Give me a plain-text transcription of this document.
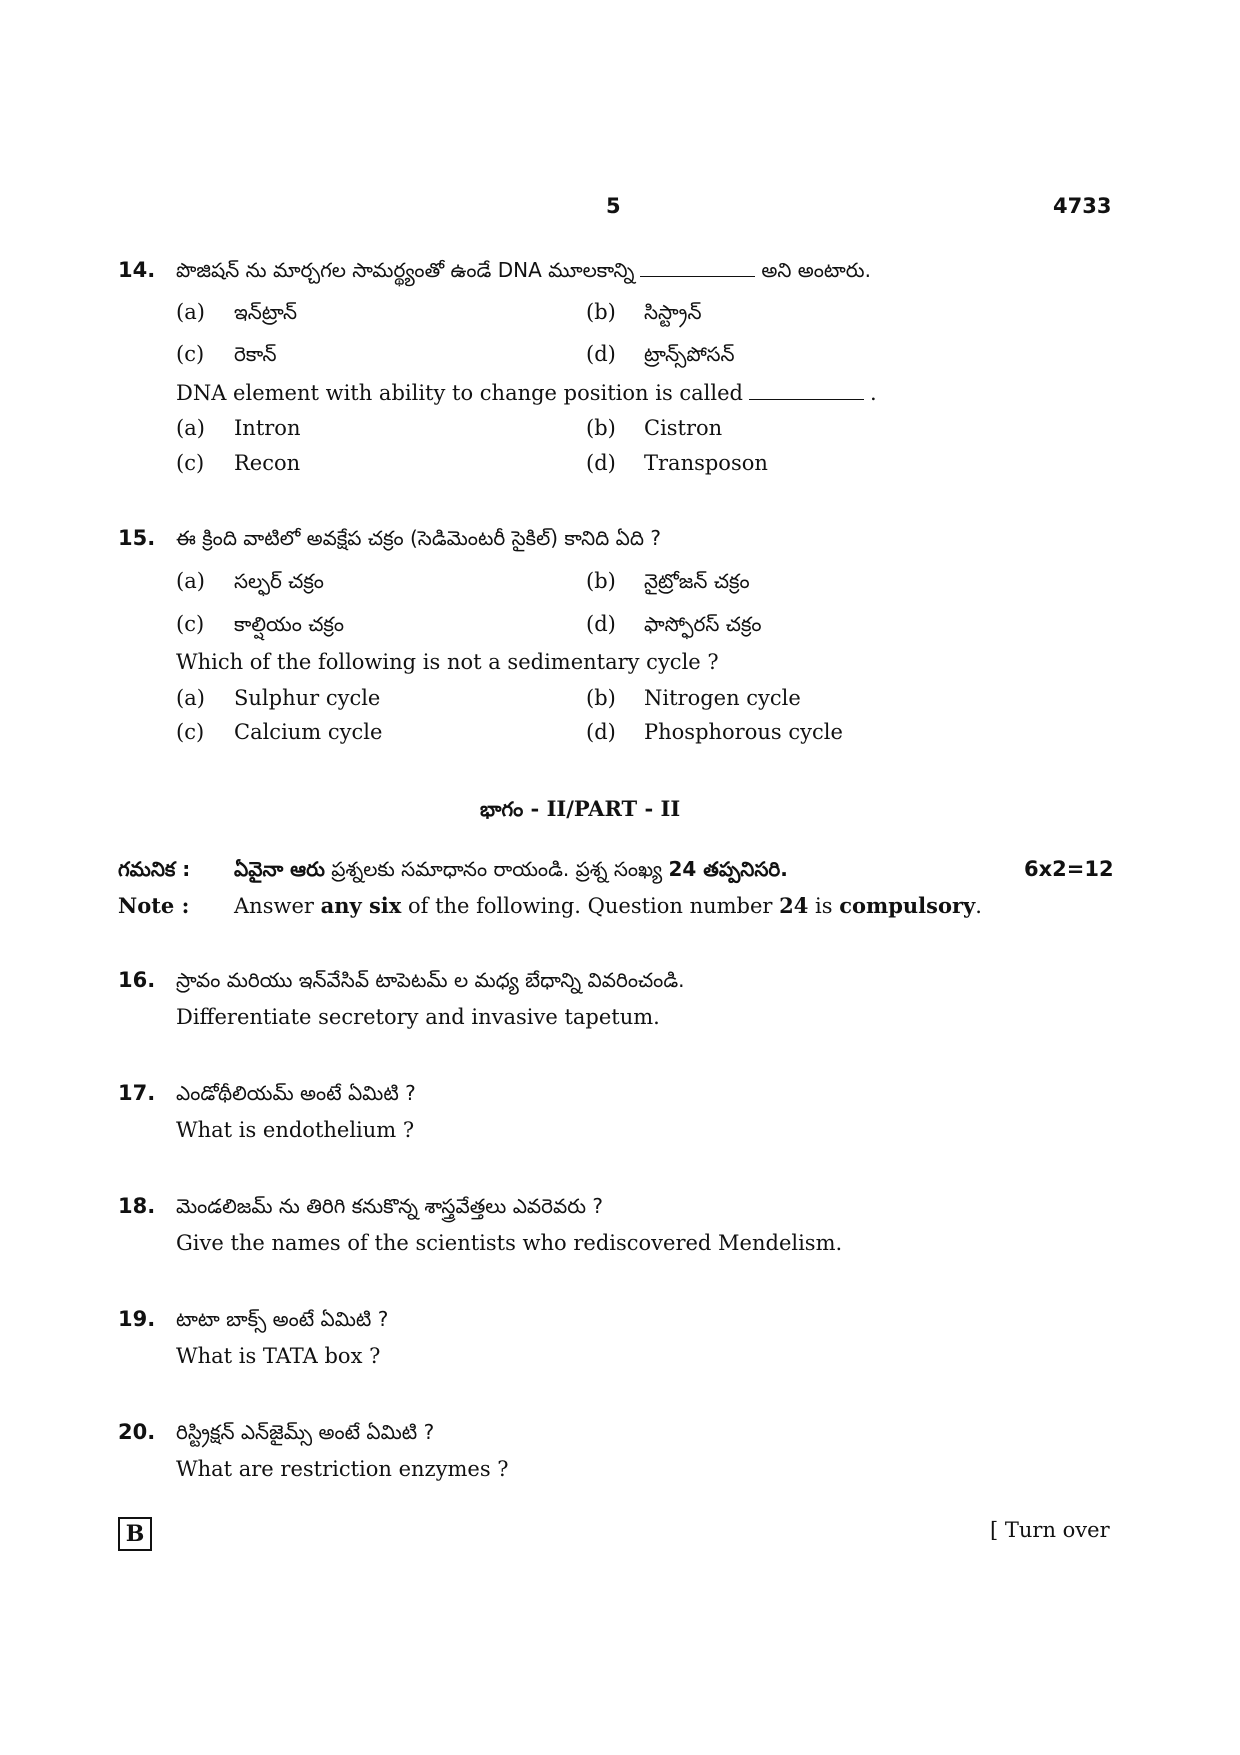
5	4733
14. పొజిషన్ ను మార్చగల సామర్థ్యంతో ఉండే DNA మూలకాన్ని	అని అంటారు.
(a) ఇన్‌ట్రాన్	(b) సిస్ట్రాన్
(c) రెకాన్	(d) ట్రాన్స్‌పోసన్
DNA element with ability to change position is called	.
(a) Intron	(b) Cistron
(c) Recon	(d) Transposon
15. ఈ క్రింది వాటిలో అవక్షేప చక్రం (సెడిమెంటరీ సైకిల్) కానిది ఏది ?
(a) సల్ఫర్ చక్రం	(b) నైట్రోజన్ చక్రం
(c) కాల్షియం చక్రం	(d) ఫాస్ఫోరస్ చక్రం
Which of the following is not a sedimentary cycle ?
(a) Sulphur cycle	(b) Nitrogen cycle
(c) Calcium cycle	(d) Phosphorous cycle
భాగం - II/PART - II
గమనిక : ఏవైనా ఆరు ప్రశ్నలకు సమాధానం రాయండి. ప్రశ్న సంఖ్య 24 తప్పనిసరి.	6x2=12
Note : Answer any six of the following. Question number 24 is compulsory.
16. స్రావం మరియు ఇన్‌వేసివ్ టాపెటమ్ ల మధ్య బేధాన్ని వివరించండి.
Differentiate secretory and invasive tapetum.
17. ఎండోథీలియమ్ అంటే ఏమిటి ?
What is endothelium ?
18. మెండలిజమ్ ను తిరిగి కనుకొన్న శాస్త్రవేత్తలు ఎవరెవరు ?
Give the names of the scientists who rediscovered Mendelism.
19. టాటా బాక్స్ అంటే ఏమిటి ?
What is TATA box ?
20. రిస్ట్రిక్షన్ ఎన్‌జైమ్స్ అంటే ఏమిటి ?
What are restriction enzymes ?
B	[ Turn over
